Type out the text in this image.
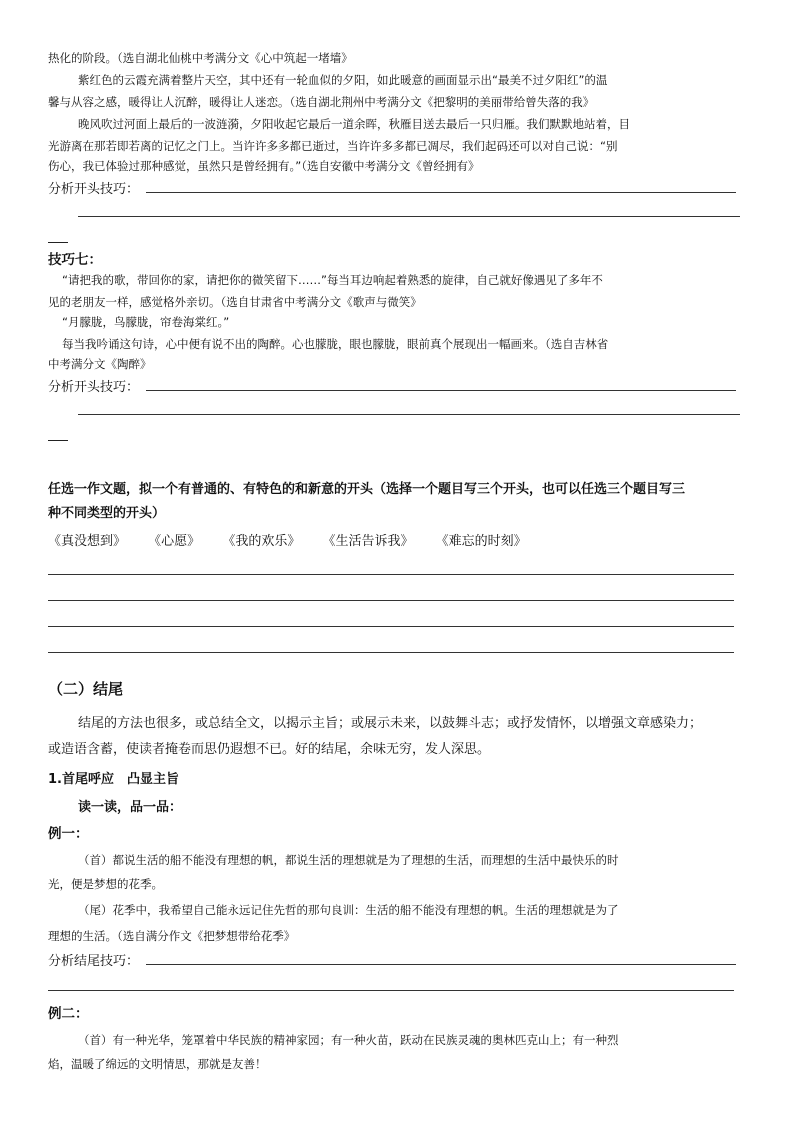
热化的阶段。（选自湖北仙桃中考满分文《心中筑起一堵墙》
紫红色的云霞充满着整片天空，其中还有一轮血似的夕阳，如此暖意的画面显示出“最美不过夕阳红”的温
馨与从容之感，暖得让人沉醉，暖得让人迷恋。（选自湖北荆州中考满分文《把黎明的美丽带给曾失落的我》
晚风吹过河面上最后的一波涟漪，夕阳收起它最后一道余晖，秋雁目送去最后一只归雁。我们默默地站着，目
光游离在那若即若离的记忆之门上。当许许多多都已逝过，当许许多多都已凋尽，我们起码还可以对自己说：“别
伤心，我已体验过那种感觉，虽然只是曾经拥有。”（选自安徽中考满分文《曾经拥有》
分析开头技巧：
技巧七：
“请把我的歌，带回你的家，请把你的微笑留下……”每当耳边响起着熟悉的旋律，自己就好像遇见了多年不
见的老朋友一样，感觉格外亲切。（选自甘肃省中考满分文《歌声与微笑》
“月朦胧，鸟朦胧，帘卷海棠红。”
每当我吟诵这句诗，心中便有说不出的陶醉。心也朦胧，眼也朦胧，眼前真个展现出一幅画来。（选自吉林省
中考满分文《陶醉》
分析开头技巧：
任选一作文题，拟一个有普通的、有特色的和新意的开头（选择一个题目写三个开头，也可以任选三个题目写三
种不同类型的开头）
《真没想到》 《心愿》 《我的欢乐》 《生活告诉我》 《难忘的时刻》
（二）结尾
结尾的方法也很多，或总结全文，以揭示主旨；或展示未来，以鼓舞斗志；或抒发情怀，以增强文章感染力；
或造语含蓄，使读者掩卷而思仍遐想不已。好的结尾，余味无穷，发人深思。
1.首尾呼应　凸显主旨
读一读，品一品：
例一：
（首）都说生活的船不能没有理想的帆，都说生活的理想就是为了理想的生活，而理想的生活中最快乐的时
光，便是梦想的花季。
（尾）花季中，我希望自己能永远记住先哲的那句良训：生活的船不能没有理想的帆。生活的理想就是为了
理想的生活。（选自满分作文《把梦想带给花季》
分析结尾技巧：
例二：
（首）有一种光华，笼罩着中华民族的精神家园；有一种火苗，跃动在民族灵魂的奥林匹克山上；有一种烈
焰，温暖了绵远的文明情思，那就是友善！
